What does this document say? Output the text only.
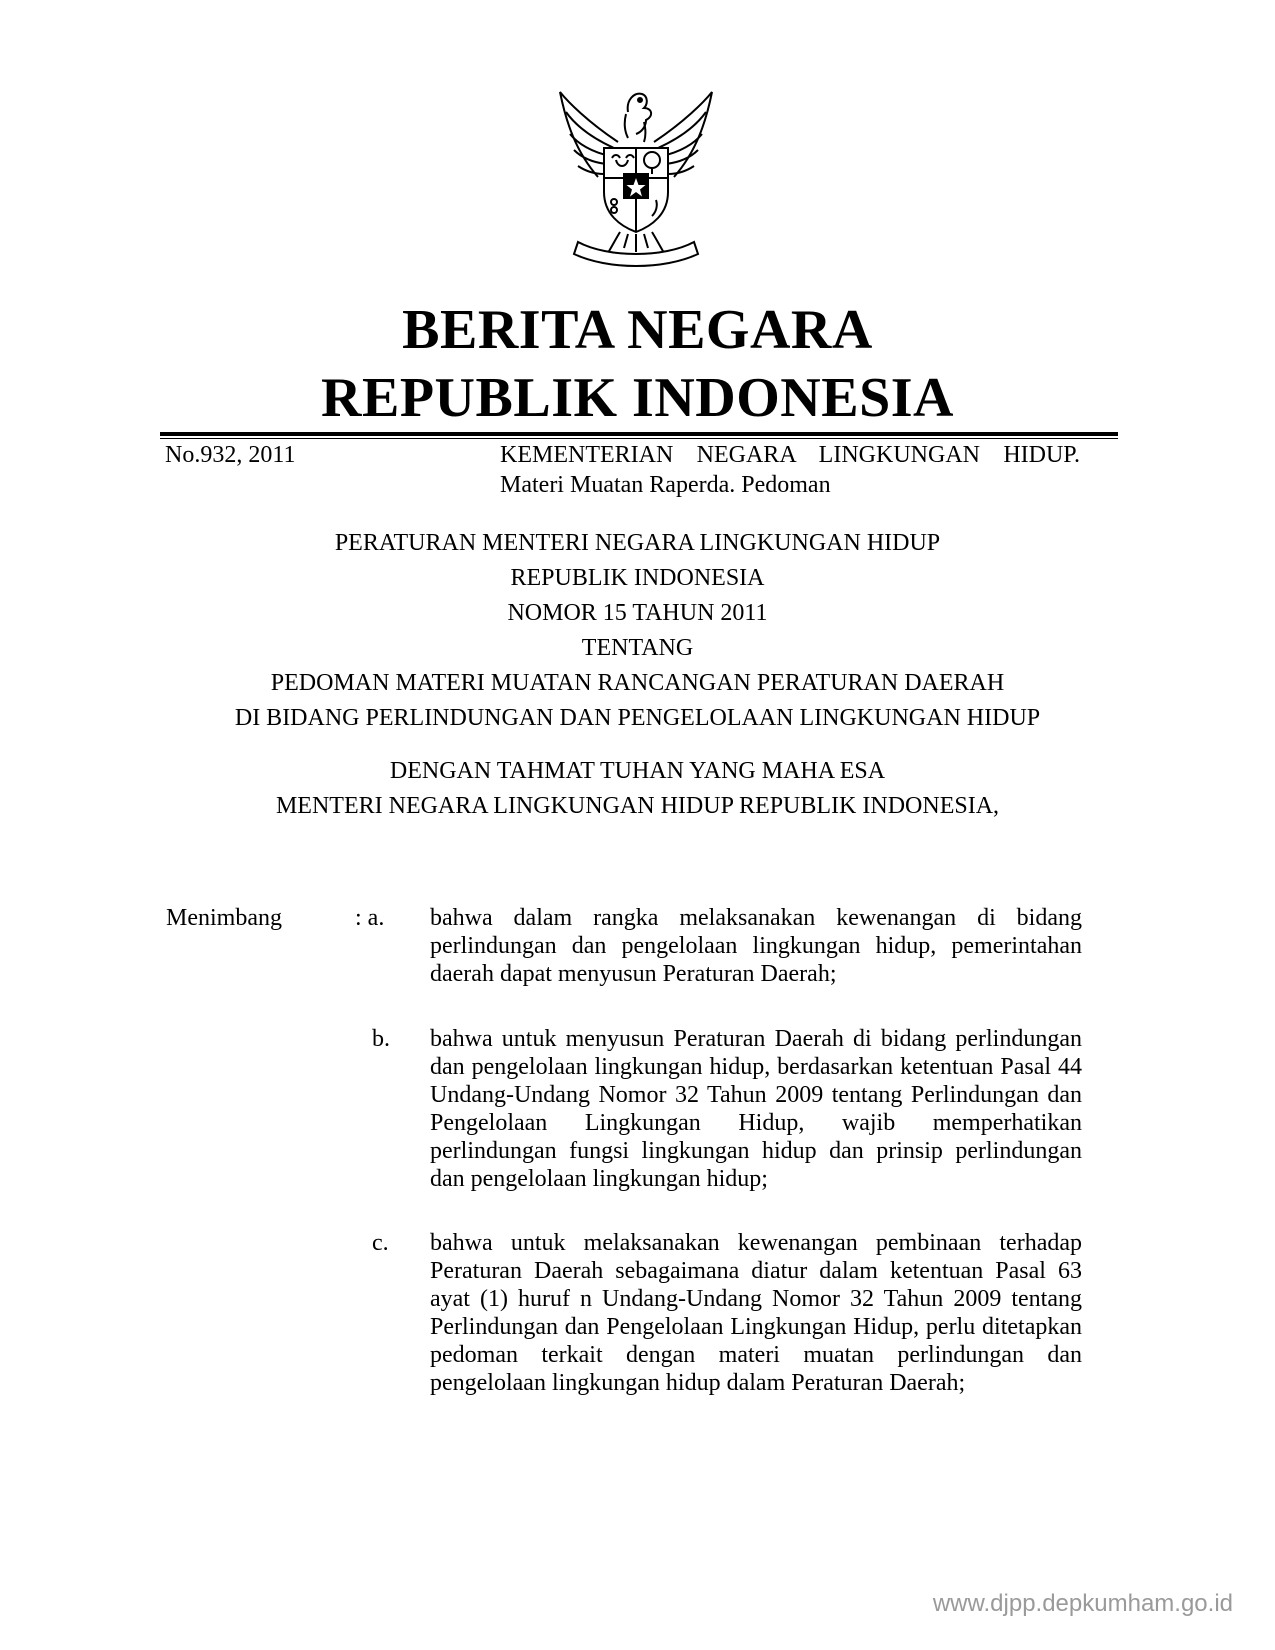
BERITA NEGARA
REPUBLIK INDONESIA
No.932, 2011	KEMENTERIAN NEGARA LINGKUNGAN HIDUP.
Materi Muatan Raperda. Pedoman
PERATURAN MENTERI NEGARA LINGKUNGAN HIDUP
REPUBLIK INDONESIA
NOMOR 15 TAHUN 2011
TENTANG
PEDOMAN MATERI MUATAN RANCANGAN PERATURAN DAERAH
DI BIDANG PERLINDUNGAN DAN PENGELOLAAN LINGKUNGAN HIDUP
DENGAN TAHMAT TUHAN YANG MAHA ESA
MENTERI NEGARA LINGKUNGAN HIDUP REPUBLIK INDONESIA,
Menimbang	: a. bahwa dalam rangka melaksanakan kewenangan di bidang perlindungan dan pengelolaan lingkungan hidup, pemerintahan daerah dapat menyusun Peraturan Daerah;
b. bahwa untuk menyusun Peraturan Daerah di bidang perlindungan dan pengelolaan lingkungan hidup, berdasarkan ketentuan Pasal 44 Undang-Undang Nomor 32 Tahun 2009 tentang Perlindungan dan Pengelolaan Lingkungan Hidup, wajib memperhatikan perlindungan fungsi lingkungan hidup dan prinsip perlindungan dan pengelolaan lingkungan hidup;
c. bahwa untuk melaksanakan kewenangan pembinaan terhadap Peraturan Daerah sebagaimana diatur dalam ketentuan Pasal 63 ayat (1) huruf n Undang-Undang Nomor 32 Tahun 2009 tentang Perlindungan dan Pengelolaan Lingkungan Hidup, perlu ditetapkan pedoman terkait dengan materi muatan perlindungan dan pengelolaan lingkungan hidup dalam Peraturan Daerah;
www.djpp.depkumham.go.id
